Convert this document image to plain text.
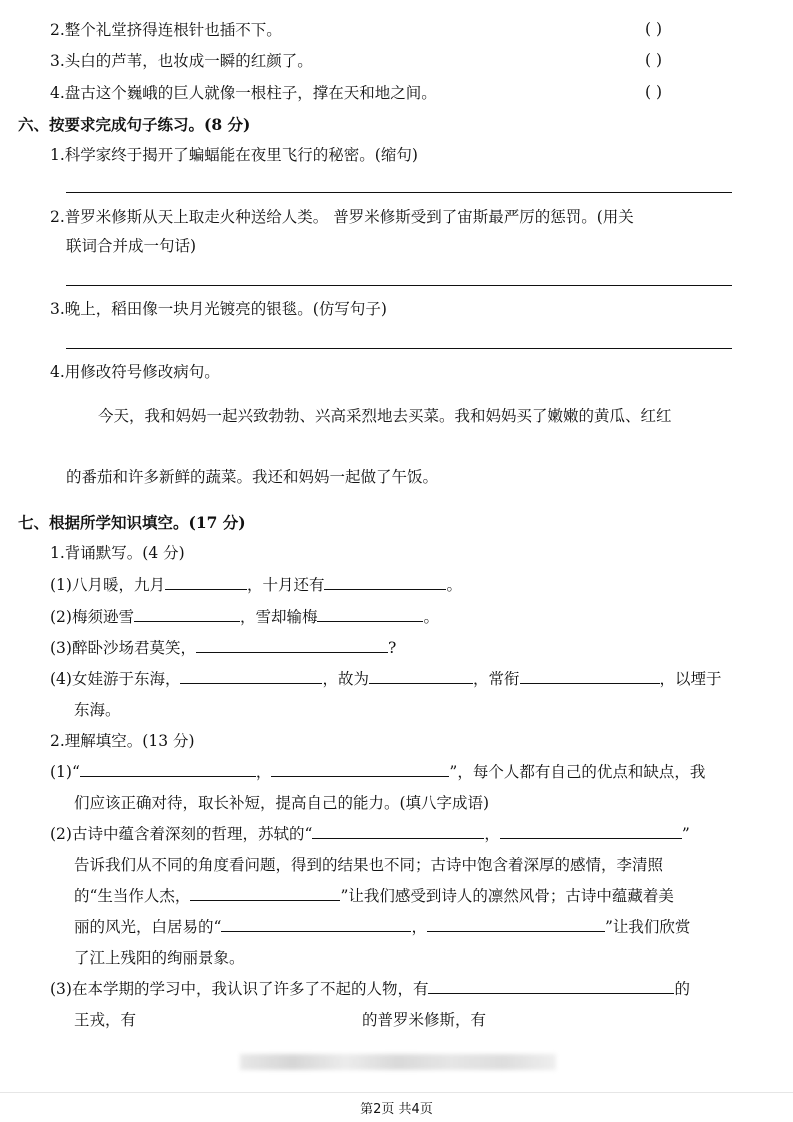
2.整个礼堂挤得连根针也插不下。	( )
3.头白的芦苇，也妆成一瞬的红颜了。	( )
4.盘古这个巍峨的巨人就像一根柱子，撑在天和地之间。	( )
六、按要求完成句子练习。(8 分)
1.科学家终于揭开了蝙蝠能在夜里飞行的秘密。(缩句)
2.普罗米修斯从天上取走火种送给人类。 普罗米修斯受到了宙斯最严厉的惩罚。(用关
联词合并成一句话)
3.晚上，稻田像一块月光镀亮的银毯。(仿写句子)
4.用修改符号修改病句。
今天，我和妈妈一起兴致勃勃、兴高采烈地去买菜。我和妈妈买了嫩嫩的黄瓜、红红
的番茄和许多新鲜的蔬菜。我还和妈妈一起做了午饭。
七、根据所学知识填空。(17 分)
1.背诵默写。(4 分)
(1)八月暖，九月	，十月还有	。
(2)梅须逊雪	，雪却输梅	。
(3)醉卧沙场君莫笑，	?
(4)女娃游于东海，	，故为	，常衔	，以堙于
东海。
2.理解填空。(13 分)
(1)“	，	”，每个人都有自己的优点和缺点，我
们应该正确对待，取长补短，提高自己的能力。(填八字成语)
(2)古诗中蕴含着深刻的哲理，苏轼的“	，	”
告诉我们从不同的角度看问题，得到的结果也不同；古诗中饱含着深厚的感情，李清照
的“生当作人杰，	”让我们感受到诗人的凛然风骨；古诗中蕴藏着美
丽的风光，白居易的“	，	”让我们欣赏
了江上残阳的绚丽景象。
(3)在本学期的学习中，我认识了许多了不起的人物，有	的
王戎，有	的普罗米修斯，有
第2页 共4页
